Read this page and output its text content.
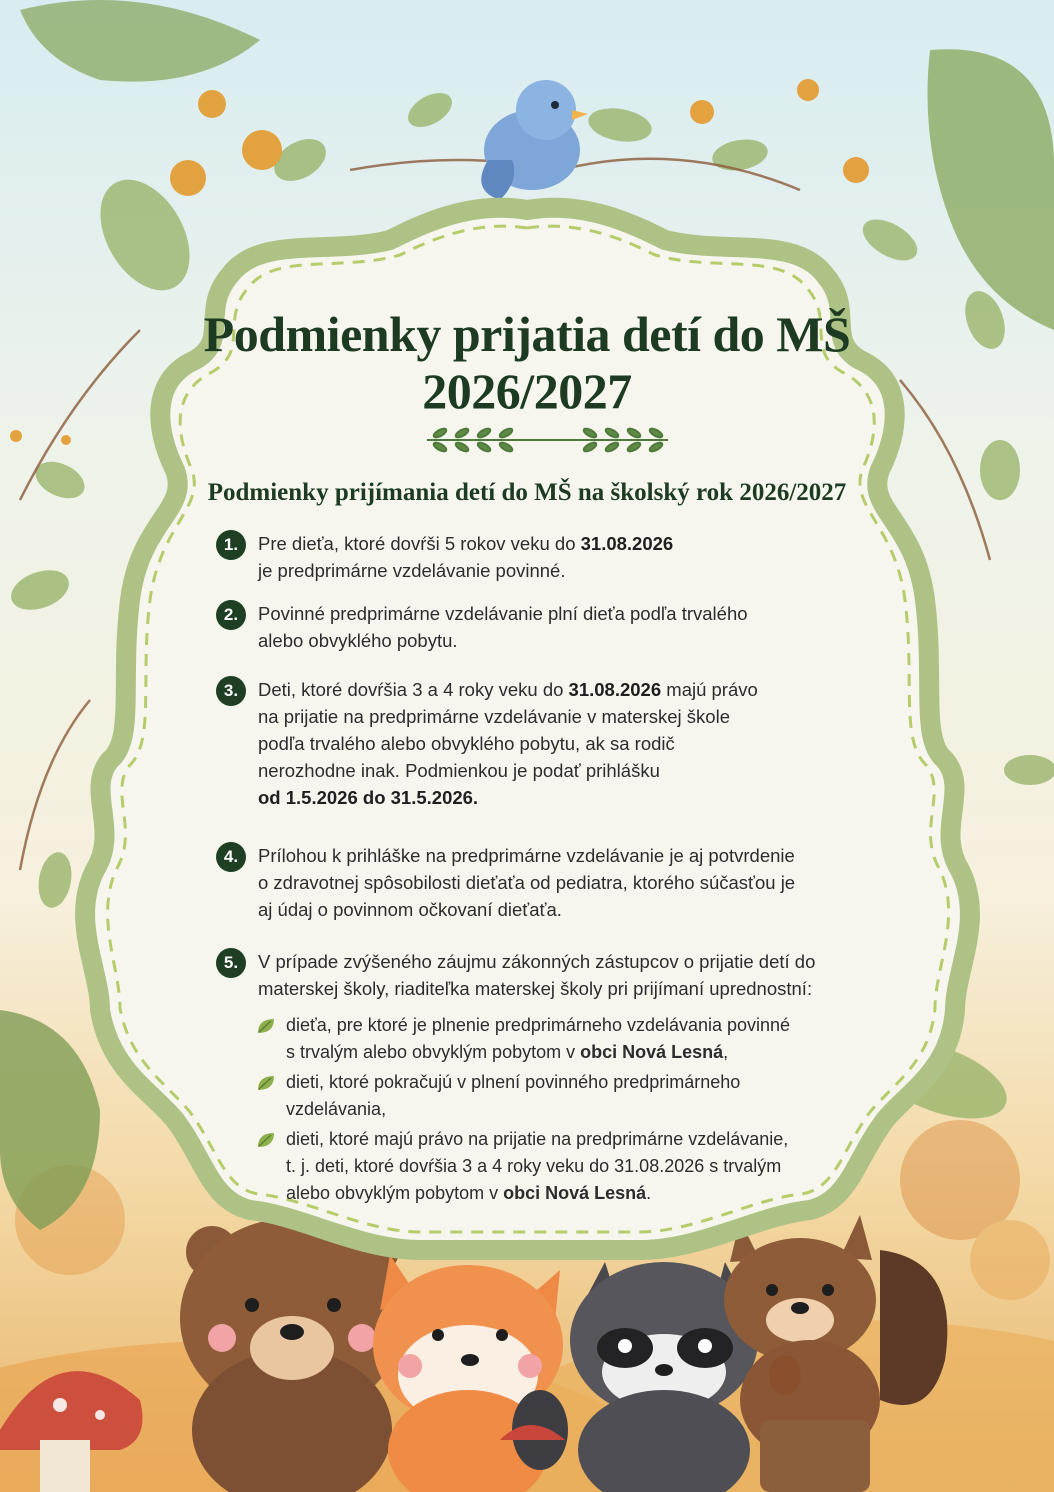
Podmienky prijatia detí do MŠ
2026/2027
Podmienky prijímania detí do MŠ na školský rok 2026/2027
1.	Pre dieťa, ktoré dovŕši 5 rokov veku do 31.08.2026
je predprimárne vzdelávanie povinné.
2.	Povinné predprimárne vzdelávanie plní dieťa podľa trvalého
alebo obvyklého pobytu.
3.	Deti, ktoré dovŕšia 3 a 4 roky veku do 31.08.2026 majú právo
na prijatie na predprimárne vzdelávanie v materskej škole
podľa trvalého alebo obvyklého pobytu, ak sa rodič
nerozhodne inak. Podmienkou je podať prihlášku
od 1.5.2026 do 31.5.2026.
4.	Prílohou k prihláške na predprimárne vzdelávanie je aj potvrdenie
o zdravotnej spôsobilosti dieťaťa od pediatra, ktorého súčasťou je
aj údaj o povinnom očkovaní dieťaťa.
5.	V prípade zvýšeného záujmu zákonných zástupcov o prijatie detí do
materskej školy, riaditeľka materskej školy pri prijímaní uprednostní:
dieťa, pre ktoré je plnenie predprimárneho vzdelávania povinné
s trvalým alebo obvyklým pobytom v obci Nová Lesná,
dieti, ktoré pokračujú v plnení povinného predprimárneho
vzdelávania,
dieti, ktoré majú právo na prijatie na predprimárne vzdelávanie,
t. j. deti, ktoré dovŕšia 3 a 4 roky veku do 31.08.2026 s trvalým
alebo obvyklým pobytom v obci Nová Lesná.
